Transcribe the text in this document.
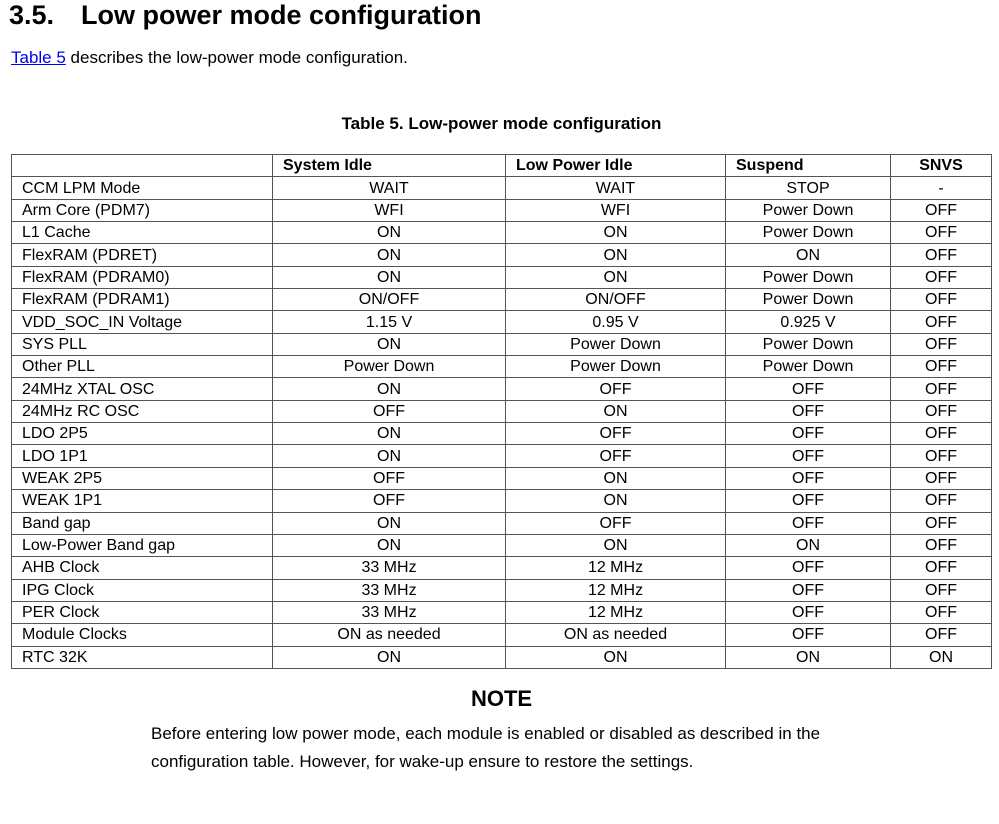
3.5. Low power mode configuration
Table 5 describes the low-power mode configuration.
Table 5. Low-power mode configuration
	System Idle	Low Power Idle	Suspend	SNVS
CCM LPM Mode	WAIT	WAIT	STOP	-
Arm Core (PDM7)	WFI	WFI	Power Down	OFF
L1 Cache	ON	ON	Power Down	OFF
FlexRAM (PDRET)	ON	ON	ON	OFF
FlexRAM (PDRAM0)	ON	ON	Power Down	OFF
FlexRAM (PDRAM1)	ON/OFF	ON/OFF	Power Down	OFF
VDD_SOC_IN Voltage	1.15 V	0.95 V	0.925 V	OFF
SYS PLL	ON	Power Down	Power Down	OFF
Other PLL	Power Down	Power Down	Power Down	OFF
24MHz XTAL OSC	ON	OFF	OFF	OFF
24MHz RC OSC	OFF	ON	OFF	OFF
LDO 2P5	ON	OFF	OFF	OFF
LDO 1P1	ON	OFF	OFF	OFF
WEAK 2P5	OFF	ON	OFF	OFF
WEAK 1P1	OFF	ON	OFF	OFF
Band gap	ON	OFF	OFF	OFF
Low-Power Band gap	ON	ON	ON	OFF
AHB Clock	33 MHz	12 MHz	OFF	OFF
IPG Clock	33 MHz	12 MHz	OFF	OFF
PER Clock	33 MHz	12 MHz	OFF	OFF
Module Clocks	ON as needed	ON as needed	OFF	OFF
RTC 32K	ON	ON	ON	ON
NOTE
Before entering low power mode, each module is enabled or disabled as described in the configuration table. However, for wake-up ensure to restore the settings.
